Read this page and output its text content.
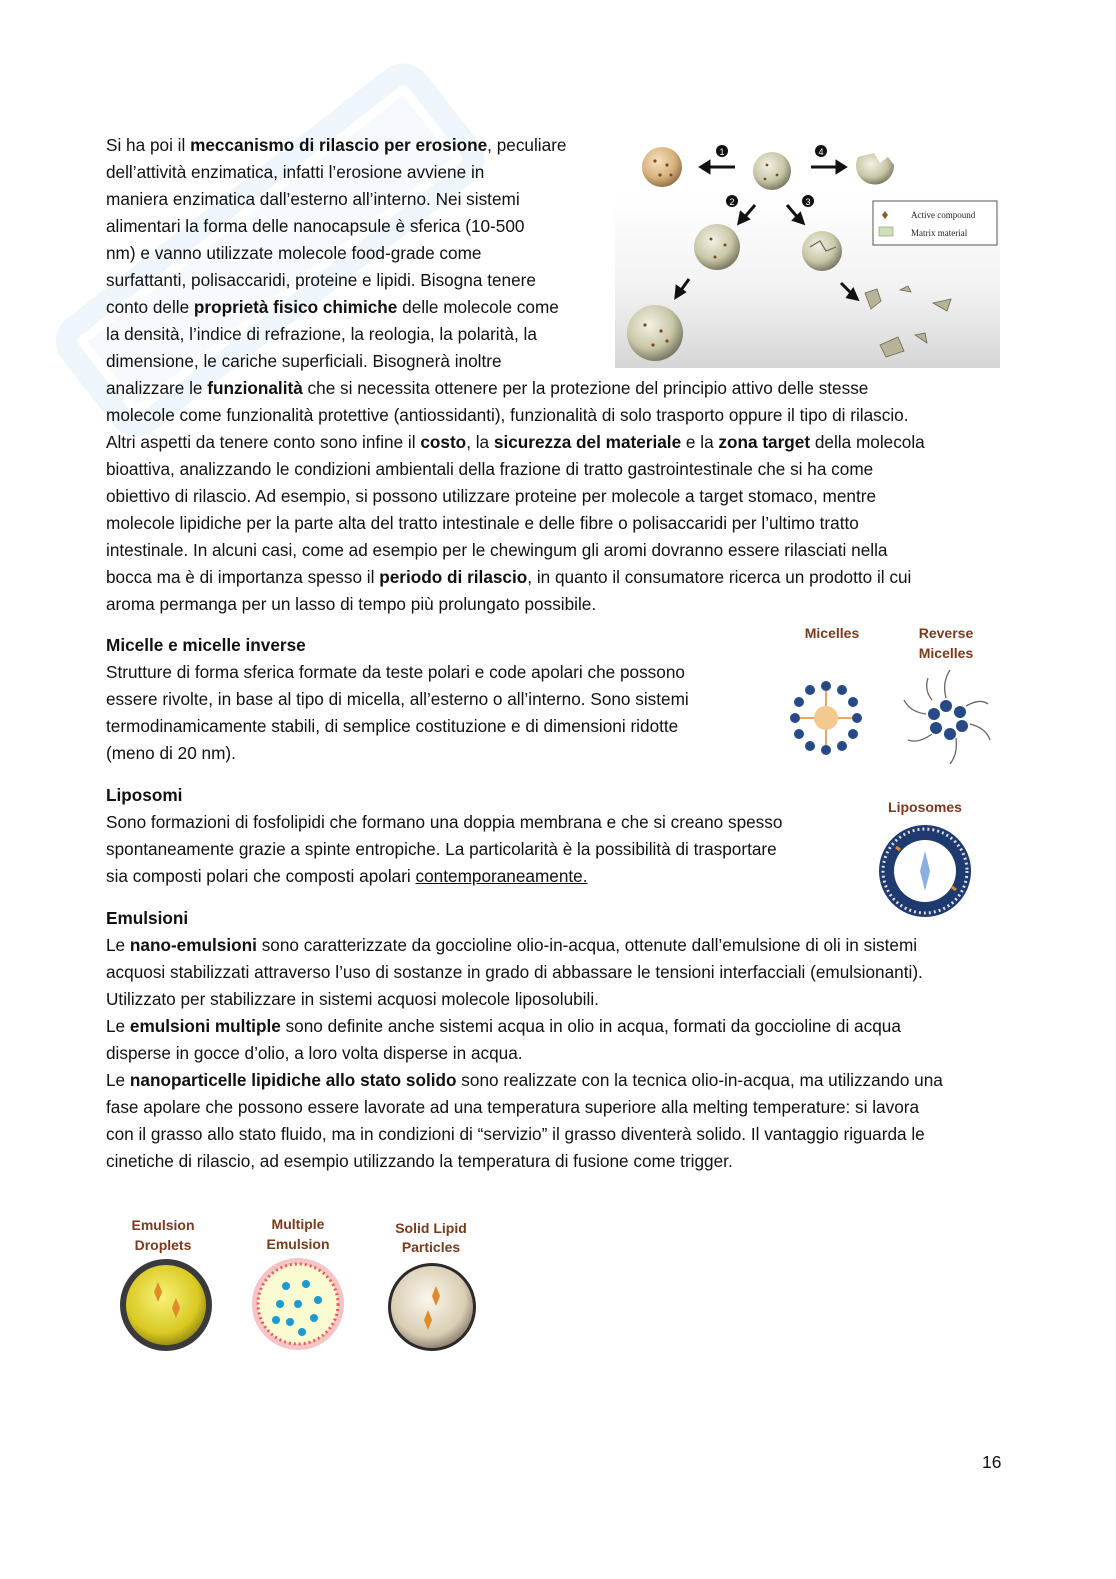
Si ha poi il meccanismo di rilascio per erosione, peculiare
dell’attività enzimatica, infatti l’erosione avviene in
maniera enzimatica dall’esterno all’interno. Nei sistemi
alimentari la forma delle nanocapsule è sferica (10-500
nm) e vanno utilizzate molecole food-grade come
surfattanti, polisaccaridi, proteine e lipidi. Bisogna tenere
conto delle proprietà fisico chimiche delle molecole come
la densità, l’indice di refrazione, la reologia, la polarità, la
dimensione, le cariche superficiali. Bisognerà inoltre
analizzare le funzionalità che si necessita ottenere per la protezione del principio attivo delle stesse
molecole come funzionalità protettive (antiossidanti), funzionalità di solo trasporto oppure il tipo di rilascio.
Altri aspetti da tenere conto sono infine il costo, la sicurezza del materiale e la zona target della molecola
bioattiva, analizzando le condizioni ambientali della frazione di tratto gastrointestinale che si ha come
obiettivo di rilascio. Ad esempio, si possono utilizzare proteine per molecole a target stomaco, mentre
molecole lipidiche per la parte alta del tratto intestinale e delle fibre o polisaccaridi per l’ultimo tratto
intestinale. In alcuni casi, come ad esempio per le chewingum gli aromi dovranno essere rilasciati nella
bocca ma è di importanza spesso il periodo di rilascio, in quanto il consumatore ricerca un prodotto il cui
aroma permanga per un lasso di tempo più prolungato possibile.
1	4
2	3
Active compound
Matrix material
Micelle e micelle inverse
Strutture di forma sferica formate da teste polari e code apolari che possono
essere rivolte, in base al tipo di micella, all’esterno o all’interno. Sono sistemi
termodinamicamente stabili, di semplice costituzione e di dimensioni ridotte
(meno di 20 nm).
Micelles	Reverse
Micelles
Liposomi
Sono formazioni di fosfolipidi che formano una doppia membrana e che si creano spesso
spontaneamente grazie a spinte entropiche. La particolarità è la possibilità di trasportare
sia composti polari che composti apolari contemporaneamente.
Liposomes
Emulsioni
Le nano-emulsioni sono caratterizzate da goccioline olio-in-acqua, ottenute dall’emulsione di oli in sistemi
acquosi stabilizzati attraverso l’uso di sostanze in grado di abbassare le tensioni interfacciali (emulsionanti).
Utilizzato per stabilizzare in sistemi acquosi molecole liposolubili.
Le emulsioni multiple sono definite anche sistemi acqua in olio in acqua, formati da goccioline di acqua
disperse in gocce d’olio, a loro volta disperse in acqua.
Le nanoparticelle lipidiche allo stato solido sono realizzate con la tecnica olio-in-acqua, ma utilizzando una
fase apolare che possono essere lavorate ad una temperatura superiore alla melting temperature: si lavora
con il grasso allo stato fluido, ma in condizioni di “servizio” il grasso diventerà solido. Il vantaggio riguarda le
cinetiche di rilascio, ad esempio utilizzando la temperatura di fusione come trigger.
Emulsion
Droplets
Multiple
Emulsion
Solid Lipid
Particles
16
